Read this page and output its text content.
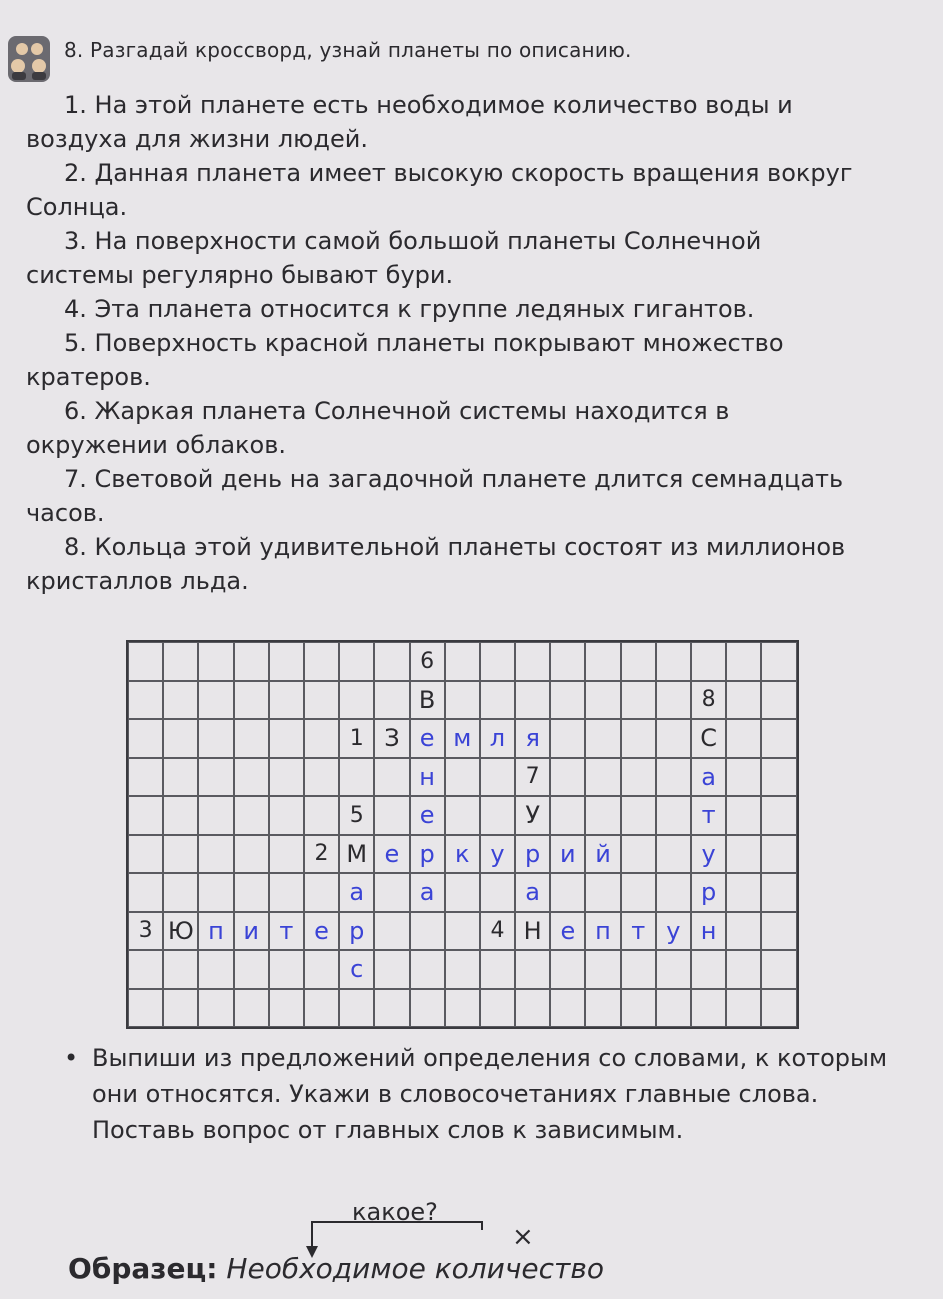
8. Разгадай кроссворд, узнай планеты по описанию.

1. На этой планете есть необходимое количество воды и воздуха для жизни людей.

2. Данная планета имеет высокую скорость вращения вокруг Солнца.

3. На поверхности самой большой планеты Солнечной системы регулярно бывают бури.

4. Эта планета относится к группе ледяных гигантов.

5. Поверхность красной планеты покрывают множество кратеров.

6. Жаркая планета Солнечной системы находится в окружении облаков.

7. Световой день на загадочной планете длится семнадцать часов.

8. Кольца этой удивительной планеты состоят из миллионов кристаллов льда.

6
В	8
1 З е м л я	С
н	7	а
5	е	У	т
2 М е р к у р и й	у
а	а	а	р
3 Ю п и т е р	4 Н е п т у н
с
• Выпиши из предложений определения со словами, к которым они относятся. Укажи в словосочетаниях главные слова. Поставь вопрос от главных слов к зависимым.
какое?
×
Образец: Необходимое количество
